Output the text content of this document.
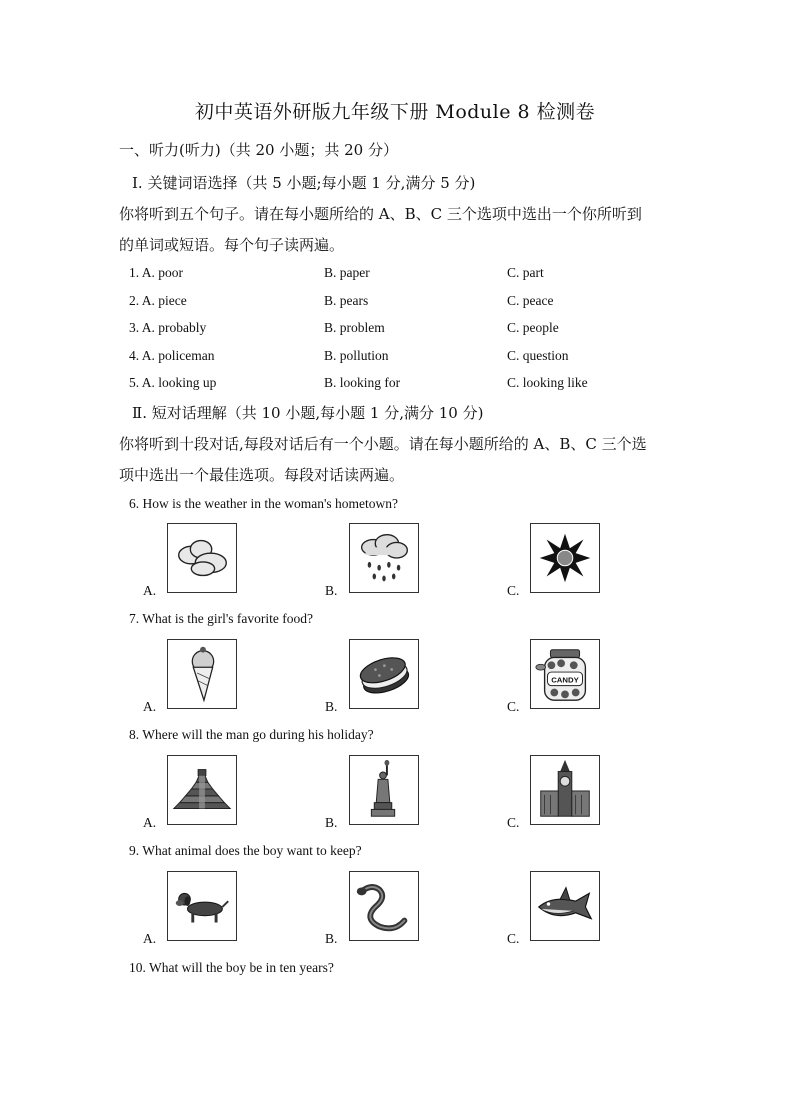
初中英语外研版九年级下册 Module 8 检测卷
一、听力(听力)（共 20 小题；共 20 分）
Ⅰ. 关键词语选择（共 5 小题;每小题 1 分,满分 5 分)
你将听到五个句子。请在每小题所给的 A、B、C 三个选项中选出一个你所听到
的单词或短语。每个句子读两遍。
1. A. poor	B. paper	C. part
2. A. piece	B. pears	C. peace
3. A. probably	B. problem	C. people
4. A. policeman	B. pollution	C. question
5. A. looking up	B. looking for	C. looking like
Ⅱ. 短对话理解（共 10 小题,每小题 1 分,满分 10 分)
你将听到十段对话,每段对话后有一个小题。请在每小题所给的 A、B、C 三个选
项中选出一个最佳选项。每段对话读两遍。
6. How is the weather in the woman's hometown?
A.	B.	C.
7. What is the girl's favorite food?
A.	B.	C.
CANDY
8. Where will the man go during his holiday?
A.	B.	C.
9. What animal does the boy want to keep?
A.	B.	C.
10. What will the boy be in ten years?
